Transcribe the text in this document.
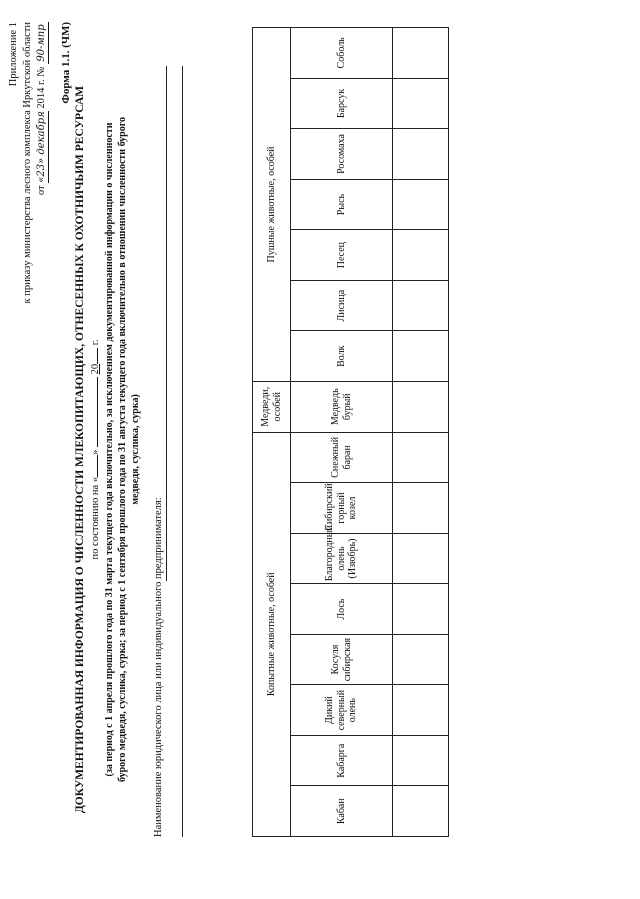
Приложение 1 к приказу министерства лесного комплекса Иркутской области от «23» декабря 2014 г. № 90-мпр Форма 1.1. (ЧМ)
ДОКУМЕНТИРОВАННАЯ ИНФОРМАЦИЯ О ЧИСЛЕННОСТИ МЛЕКОПИТАЮЩИХ, ОТНЕСЕННЫХ К ОХОТНИЧЬИМ РЕСУРСАМ по состоянию на «»  20 г. (за период с 1 апреля прошлого года по 31 марта текущего года включительно, за исключением документированной информации о численности бурого медведя, суслика, сурка; за период с 1 сентября прошлого года по 31 августа текущего года включительно в отношении численности бурого медведя, суслика, сурка)
Наименование юридического лица или индивидуального предпринимателя:	Копытные животные, особей								Медведи, особей	Пушные животные, особей						
Кабан	Кабарга	Дикий северный олень	Косуля сибирская	Лось	Благородный олень (Изюбрь)	Сибирский горный козел	Снежный баран	Медведь бурый	Волк	Лисица	Песец	Рысь	Росомаха	Барсук	Соболь
